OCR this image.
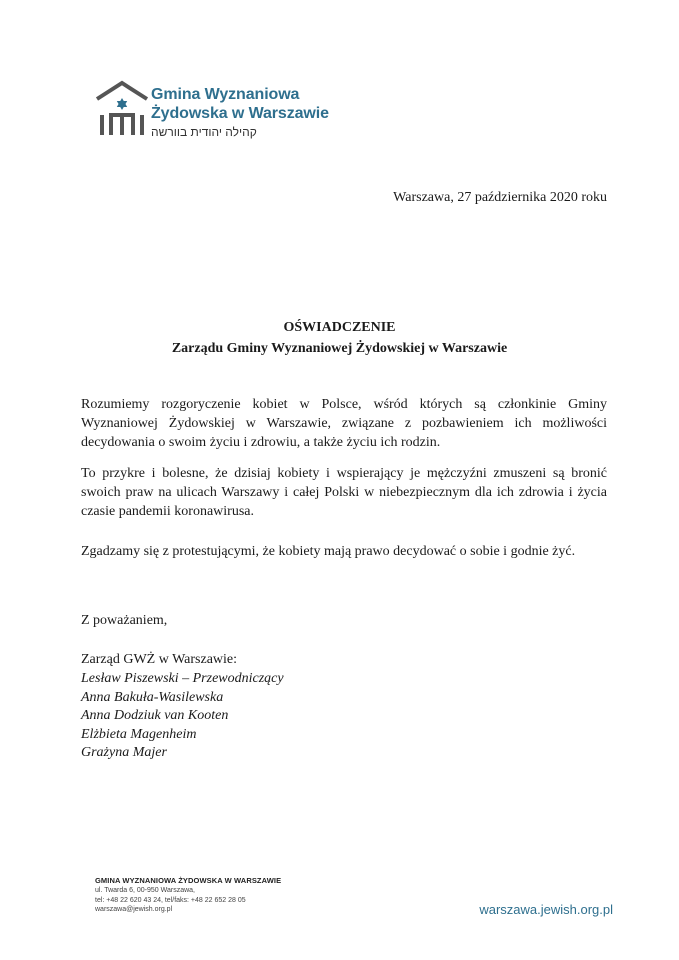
Gmina Wyznaniowa
Żydowska w Warszawie
קהילה יהודית בוורשה
Warszawa, 27 października 2020 roku
OŚWIADCZENIE
Zarządu Gminy Wyznaniowej Żydowskiej w Warszawie
Rozumiemy rozgoryczenie kobiet w Polsce, wśród których są członkinie Gminy Wyznaniowej Żydowskiej w Warszawie, związane z pozbawieniem ich możliwości decydowania o swoim życiu i zdrowiu, a także życiu ich rodzin.
To przykre i bolesne, że dzisiaj kobiety i wspierający je mężczyźni zmuszeni są bronić swoich praw na ulicach Warszawy i całej Polski w niebezpiecznym dla ich zdrowia i życia czasie pandemii koronawirusa.
Zgadzamy się z protestującymi, że kobiety mają prawo decydować o sobie i godnie żyć.
Z poważaniem,
Zarząd GWŻ w Warszawie:
Lesław Piszewski – Przewodniczący
Anna Bakuła-Wasilewska
Anna Dodziuk van Kooten
Elżbieta Magenheim
Grażyna Majer
GMINA WYZNANIOWA ŻYDOWSKA W WARSZAWIE
ul. Twarda 6, 00-950 Warszawa,
tel: +48 22 620 43 24, tel/faks: +48 22 652 28 05
warszawa@jewish.org.pl	warszawa.jewish.org.pl
